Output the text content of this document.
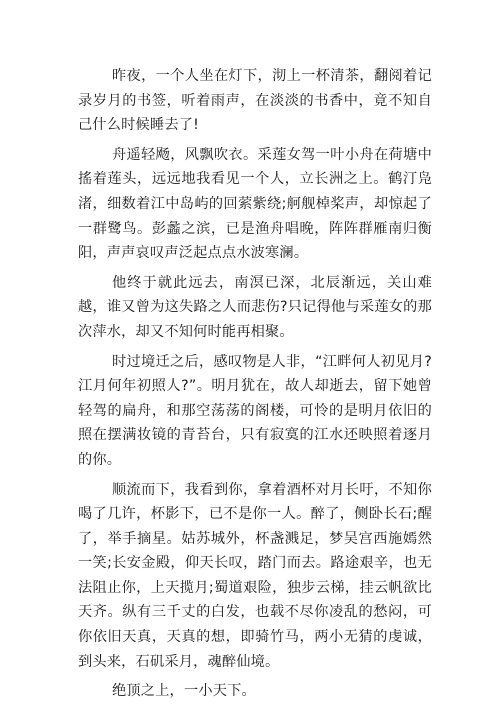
昨夜，一个人坐在灯下，沏上一杯清茶，翻阅着记录岁月的书签，听着雨声，在淡淡的书香中，竟不知自己什么时候睡去了!

舟遥轻飏，风飘吹衣。采莲女驾一叶小舟在荷塘中搖着莲头，远远地我看见一个人，立长洲之上。鹤汀凫渚，细数着江中岛屿的回萦紫绕;舸舰棹桨声，却惊起了一群鹭鸟。彭蠡之滨，已是渔舟唱晚，阵阵群雁南归衡阳，声声哀叹声泛起点点水波寒澜。

他终于就此远去，南溟已深，北辰渐远，关山难越，谁又曾为这失路之人而悲伤?只记得他与采莲女的那次萍水，却又不知何时能再相聚。

时过境迁之后，感叹物是人非，“江畔何人初见月?江月何年初照人?”。明月犹在，故人却逝去，留下她曾轻驾的扁舟，和那空荡荡的阁楼，可怜的是明月依旧的照在摆满妆镜的青苔台，只有寂寞的江水还映照着逐月的你。

顺流而下，我看到你，拿着酒杯对月长吁，不知你喝了几许，杯影下，已不是你一人。醉了，侧卧长石;醒了，举手摘星。姑苏城外，杯盏溅足，梦吴宫西施嫣然一笑;长安金殿，仰天长叹，踏门而去。路途艰辛，也无法阻止你，上天揽月;蜀道艰险，独步云梯，挂云帆欲比天齐。纵有三千丈的白发，也载不尽你凌乱的愁闷，可你依旧天真，天真的想，即骑竹马，两小无猜的虔诚，到头来，石矶采月，魂醉仙境。

绝顶之上，一小天下。
